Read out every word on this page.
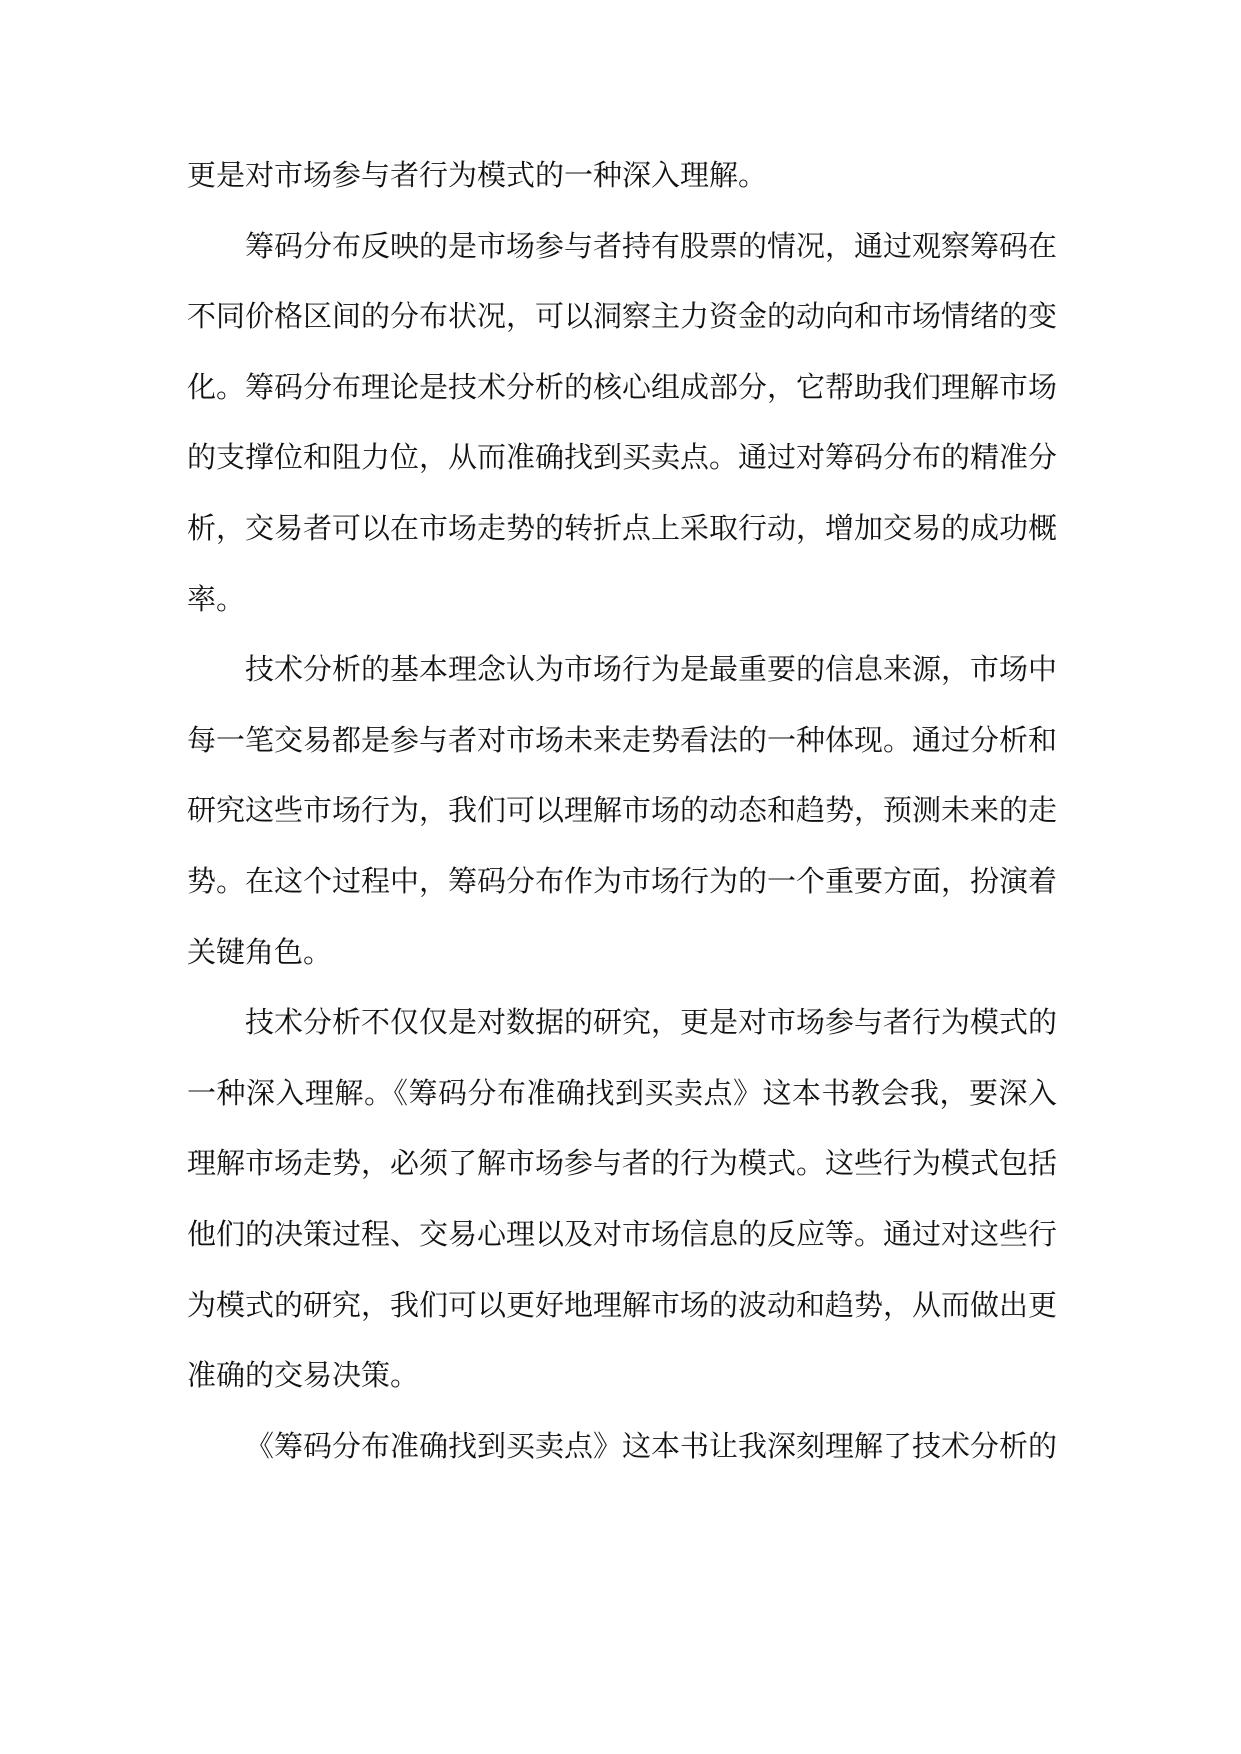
更是对市场参与者行为模式的一种深入理解。
筹码分布反映的是市场参与者持有股票的情况，通过观察筹码在
不同价格区间的分布状况，可以洞察主力资金的动向和市场情绪的变
化。筹码分布理论是技术分析的核心组成部分，它帮助我们理解市场
的支撑位和阻力位，从而准确找到买卖点。通过对筹码分布的精准分
析，交易者可以在市场走势的转折点上采取行动，增加交易的成功概
率。
技术分析的基本理念认为市场行为是最重要的信息来源，市场中
每一笔交易都是参与者对市场未来走势看法的一种体现。通过分析和
研究这些市场行为，我们可以理解市场的动态和趋势，预测未来的走
势。在这个过程中，筹码分布作为市场行为的一个重要方面，扮演着
关键角色。
技术分析不仅仅是对数据的研究，更是对市场参与者行为模式的
一种深入理解。《筹码分布准确找到买卖点》这本书教会我，要深入
理解市场走势，必须了解市场参与者的行为模式。这些行为模式包括
他们的决策过程、交易心理以及对市场信息的反应等。通过对这些行
为模式的研究，我们可以更好地理解市场的波动和趋势，从而做出更
准确的交易决策。
《筹码分布准确找到买卖点》这本书让我深刻理解了技术分析的
